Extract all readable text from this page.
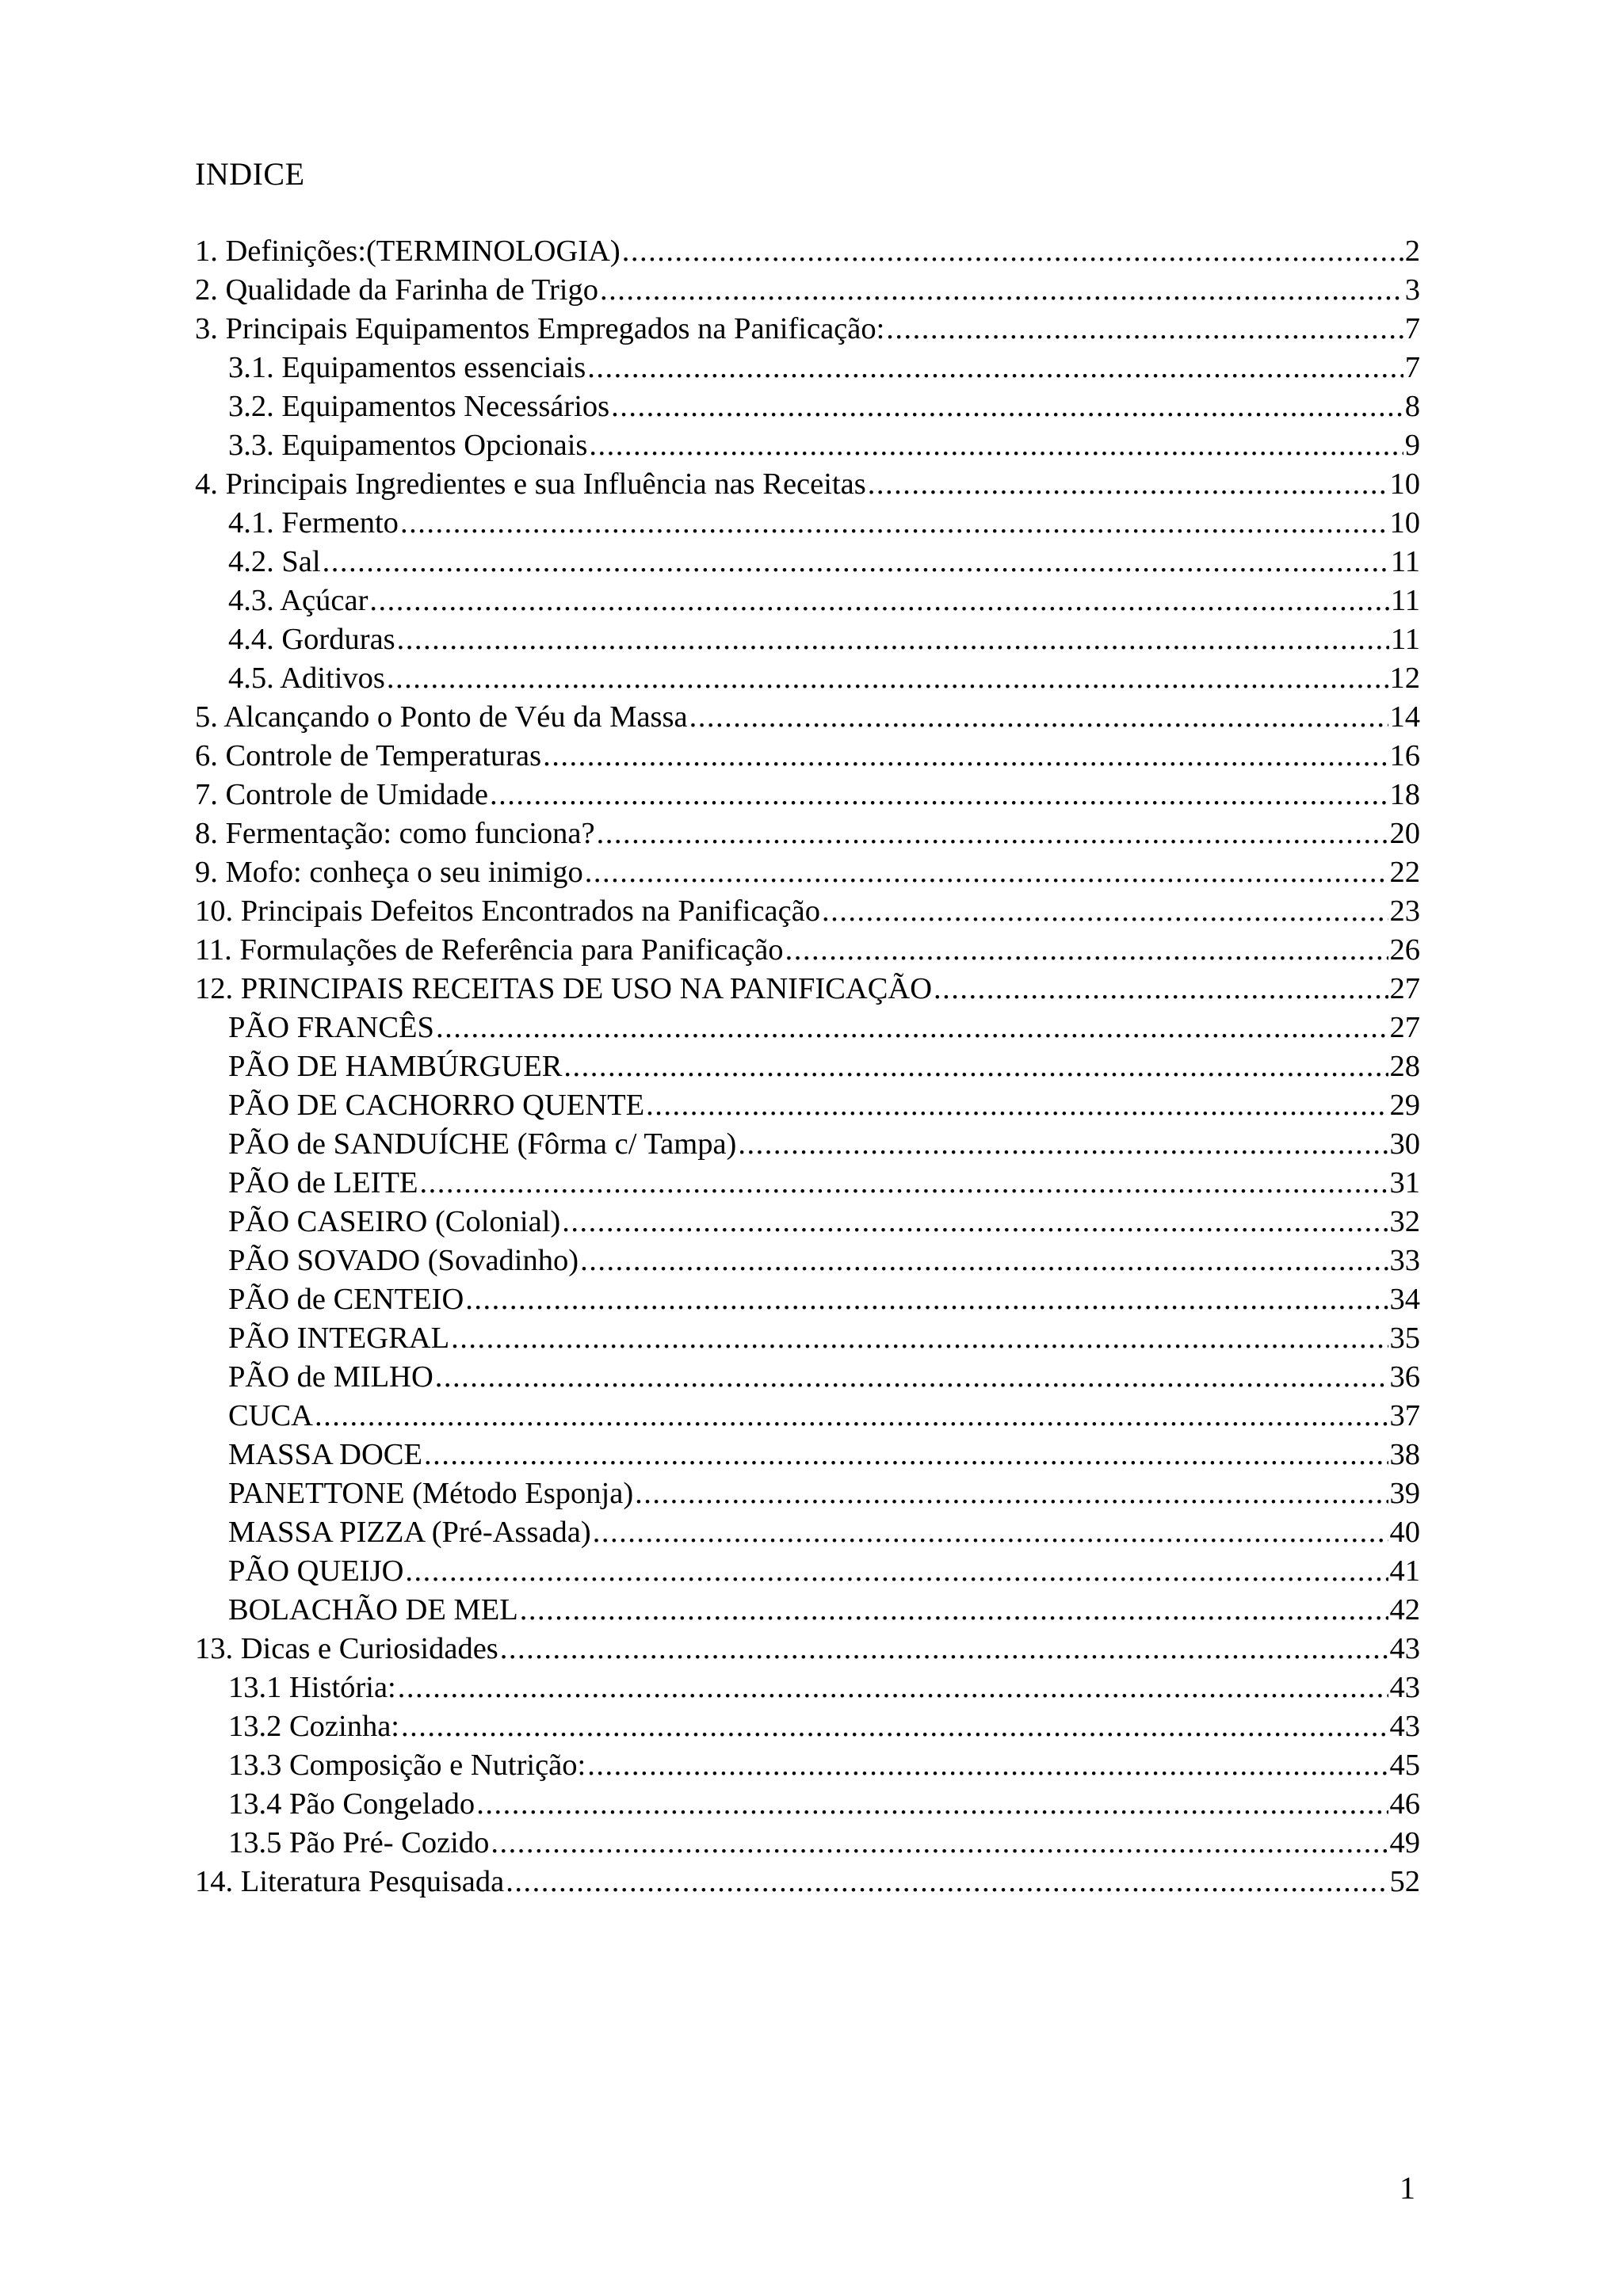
INDICE
1. Definições:(TERMINOLOGIA) .....	2
2. Qualidade da Farinha de Trigo .....	3
3. Principais Equipamentos Empregados na Panificação: .....	7
3.1. Equipamentos essenciais .....	7
3.2. Equipamentos Necessários .....	8
3.3. Equipamentos Opcionais .....	9
4. Principais Ingredientes e sua Influência nas Receitas .....	10
4.1. Fermento .....	10
4.2. Sal .....	11
4.3. Açúcar .....	11
4.4. Gorduras .....	11
4.5. Aditivos .....	12
5. Alcançando o Ponto de Véu da Massa .....	14
6. Controle de Temperaturas .....	16
7. Controle de Umidade .....	18
8. Fermentação: como funciona? .....	20
9. Mofo: conheça o seu inimigo .....	22
10. Principais Defeitos Encontrados na Panificação .....	23
11. Formulações de Referência para Panificação .....	26
12. PRINCIPAIS RECEITAS DE USO NA PANIFICAÇÃO .....	27
PÃO FRANCÊS .....	27
PÃO DE HAMBÚRGUER .....	28
PÃO DE CACHORRO QUENTE .....	29
PÃO de SANDUÍCHE (Fôrma c/ Tampa) .....	30
PÃO de LEITE .....	31
PÃO CASEIRO (Colonial) .....	32
PÃO SOVADO (Sovadinho) .....	33
PÃO de CENTEIO .....	34
PÃO INTEGRAL .....	35
PÃO de MILHO .....	36
CUCA .....	37
MASSA DOCE .....	38
PANETTONE (Método Esponja) .....	39
MASSA PIZZA (Pré-Assada) .....	40
PÃO QUEIJO .....	41
BOLACHÃO DE MEL .....	42
13. Dicas e Curiosidades .....	43
13.1 História: .....	43
13.2 Cozinha: .....	43
13.3 Composição e Nutrição: .....	45
13.4 Pão Congelado .....	46
13.5 Pão Pré- Cozido .....	49
14. Literatura Pesquisada .....	52
1
